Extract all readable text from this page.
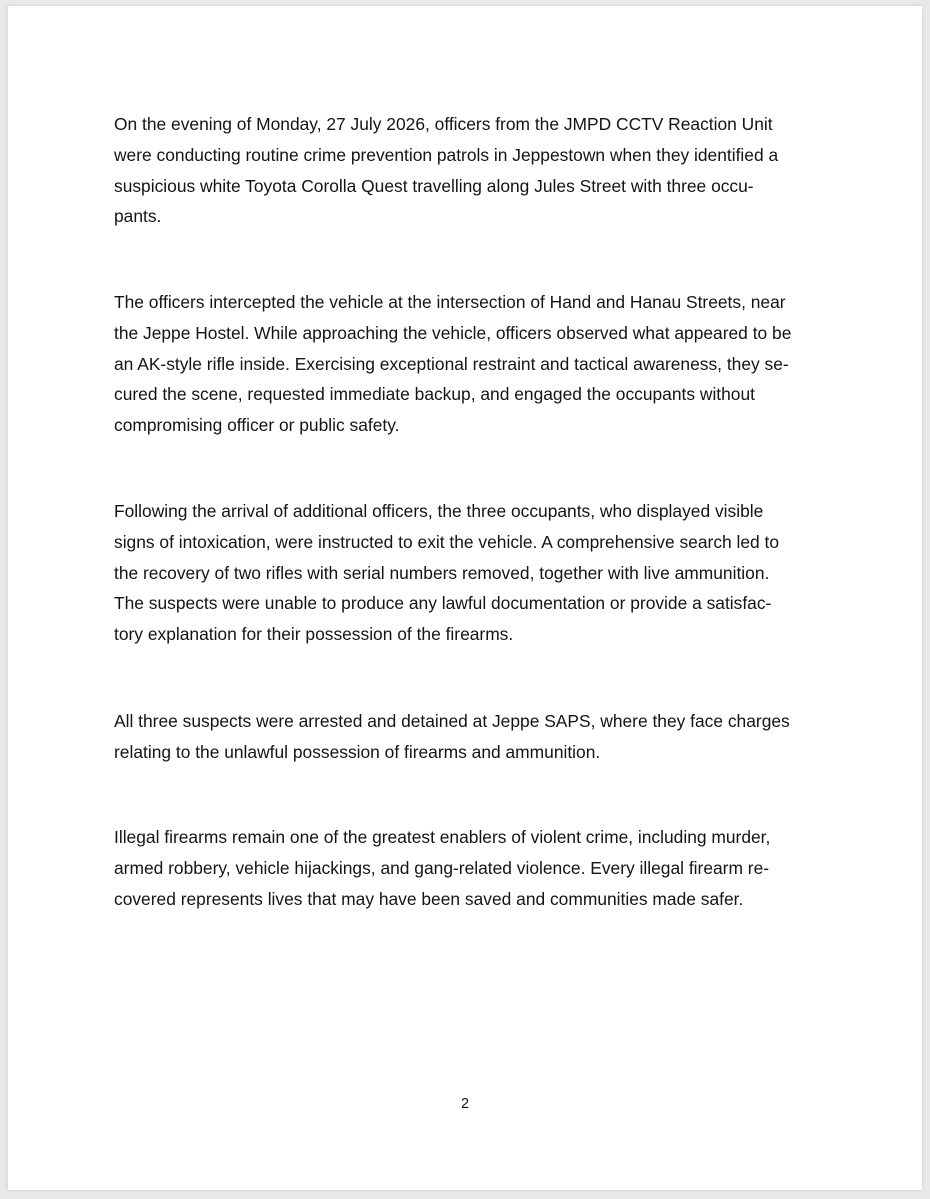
On the evening of Monday, 27 July 2026, officers from the JMPD CCTV Reaction Unit
were conducting routine crime prevention patrols in Jeppestown when they identified a
suspicious white Toyota Corolla Quest travelling along Jules Street with three occu-
pants.

The officers intercepted the vehicle at the intersection of Hand and Hanau Streets, near
the Jeppe Hostel. While approaching the vehicle, officers observed what appeared to be
an AK-style rifle inside. Exercising exceptional restraint and tactical awareness, they se-
cured the scene, requested immediate backup, and engaged the occupants without
compromising officer or public safety.

Following the arrival of additional officers, the three occupants, who displayed visible
signs of intoxication, were instructed to exit the vehicle. A comprehensive search led to
the recovery of two rifles with serial numbers removed, together with live ammunition.
The suspects were unable to produce any lawful documentation or provide a satisfac-
tory explanation for their possession of the firearms.

All three suspects were arrested and detained at Jeppe SAPS, where they face charges
relating to the unlawful possession of firearms and ammunition.

Illegal firearms remain one of the greatest enablers of violent crime, including murder,
armed robbery, vehicle hijackings, and gang-related violence. Every illegal firearm re-
covered represents lives that may have been saved and communities made safer.

2
